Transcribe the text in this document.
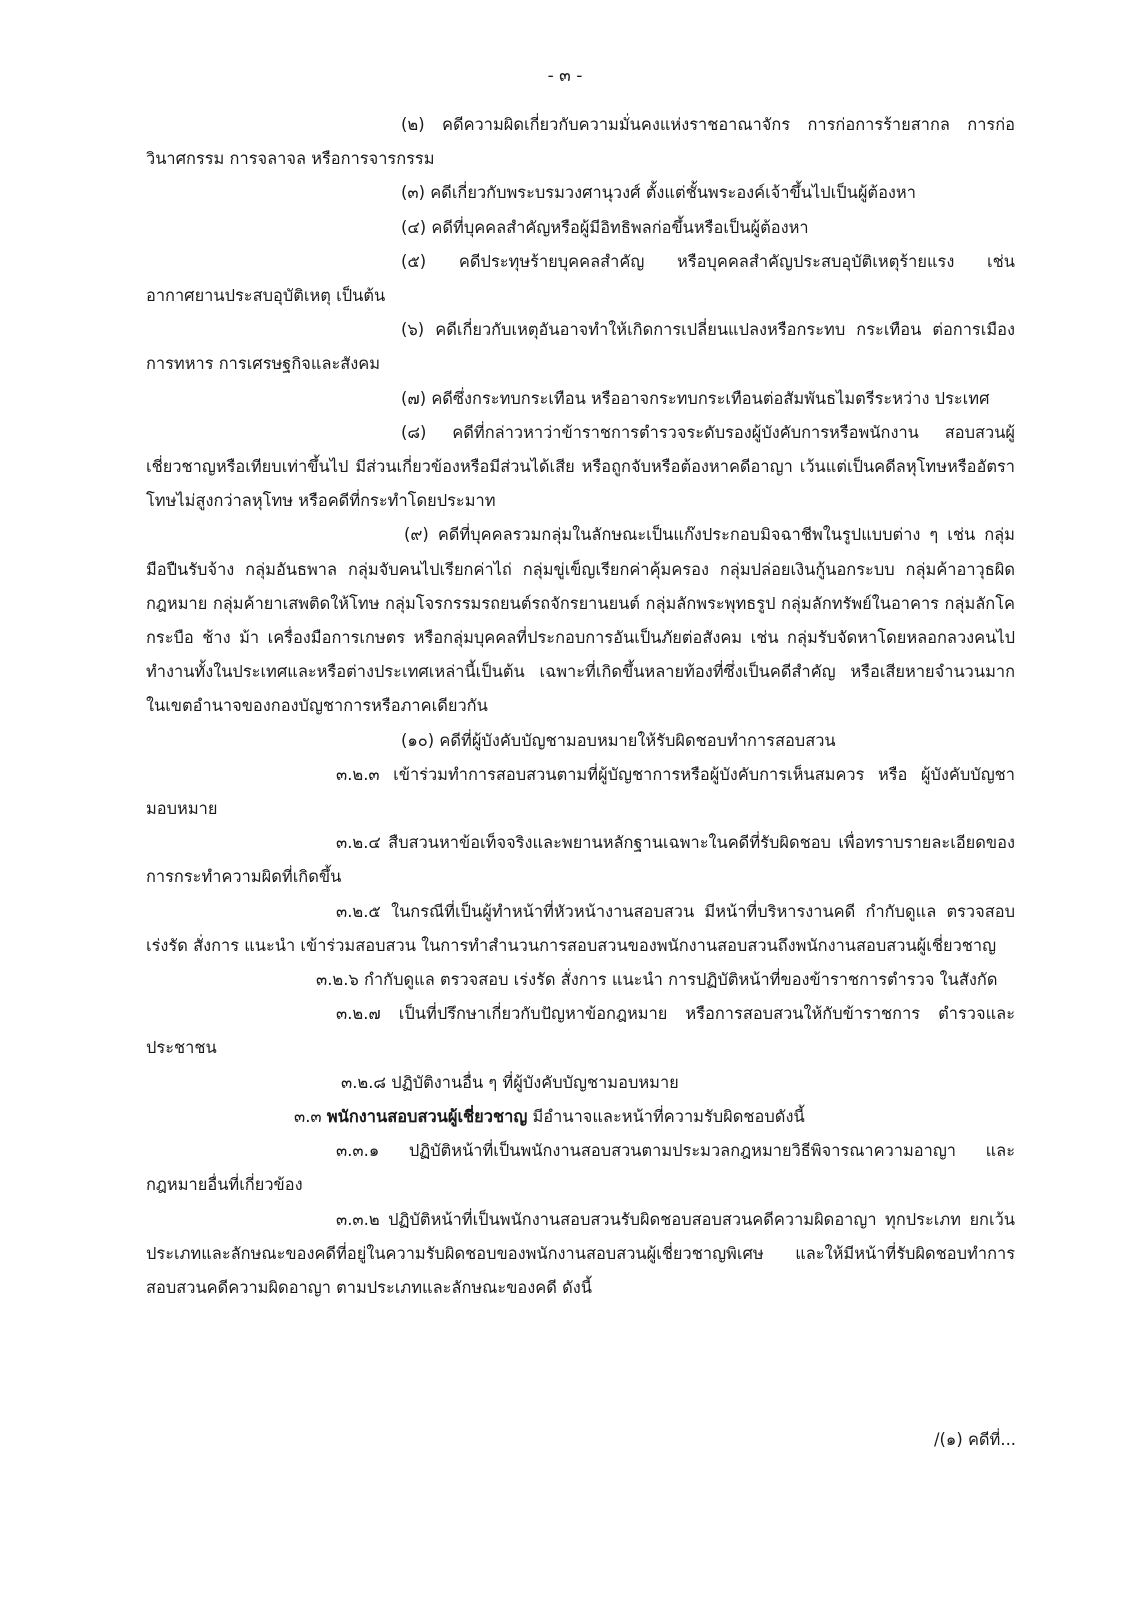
- ๓ -

(๒) คดีความผิดเกี่ยวกับความมั่นคงแห่งราชอาณาจักร การก่อการร้ายสากล การก่อวินาศกรรม การจลาจล หรือการจารกรรม

(๓) คดีเกี่ยวกับพระบรมวงศานุวงศ์ ตั้งแต่ชั้นพระองค์เจ้าขึ้นไปเป็นผู้ต้องหา

(๔) คดีที่บุคคลสำคัญหรือผู้มีอิทธิพลก่อขึ้นหรือเป็นผู้ต้องหา

(๕) คดีประทุษร้ายบุคคลสำคัญ หรือบุคคลสำคัญประสบอุบัติเหตุร้ายแรง เช่น อากาศยานประสบอุบัติเหตุ เป็นต้น

(๖) คดีเกี่ยวกับเหตุอันอาจทำให้เกิดการเปลี่ยนแปลงหรือกระทบ กระเทือน ต่อการเมือง การทหาร การเศรษฐกิจและสังคม

(๗) คดีซึ่งกระทบกระเทือน หรืออาจกระทบกระเทือนต่อสัมพันธไมตรีระหว่าง ประเทศ

(๘) คดีที่กล่าวหาว่าข้าราชการตำรวจระดับรองผู้บังคับการหรือพนักงาน สอบสวนผู้เชี่ยวชาญหรือเทียบเท่าขึ้นไป มีส่วนเกี่ยวข้องหรือมีส่วนได้เสีย หรือถูกจับหรือต้องหาคดีอาญา เว้นแต่เป็นคดีลหุโทษหรืออัตราโทษไม่สูงกว่าลหุโทษ หรือคดีที่กระทำโดยประมาท

(๙) คดีที่บุคคลรวมกลุ่มในลักษณะเป็นแก๊งประกอบมิจฉาชีพในรูปแบบต่าง ๆ เช่น กลุ่มมือปืนรับจ้าง กลุ่มอันธพาล กลุ่มจับคนไปเรียกค่าไถ่ กลุ่มขู่เข็ญเรียกค่าคุ้มครอง กลุ่มปล่อยเงินกู้นอกระบบ กลุ่มค้าอาวุธผิดกฎหมาย กลุ่มค้ายาเสพติดให้โทษ กลุ่มโจรกรรมรถยนต์รถจักรยานยนต์ กลุ่มลักพระพุทธรูป กลุ่มลักทรัพย์ในอาคาร กลุ่มลักโค กระบือ ช้าง ม้า เครื่องมือการเกษตร หรือกลุ่มบุคคลที่ประกอบการอันเป็นภัยต่อสังคม เช่น กลุ่มรับจัดหาโดยหลอกลวงคนไปทำงานทั้งในประเทศและหรือต่างประเทศเหล่านี้เป็นต้น เฉพาะที่เกิดขึ้นหลายท้องที่ซึ่งเป็นคดีสำคัญ หรือเสียหายจำนวนมากในเขตอำนาจของกองบัญชาการหรือภาคเดียวกัน

(๑๐) คดีที่ผู้บังคับบัญชามอบหมายให้รับผิดชอบทำการสอบสวน

๓.๒.๓ เข้าร่วมทำการสอบสวนตามที่ผู้บัญชาการหรือผู้บังคับการเห็นสมควร หรือ ผู้บังคับบัญชามอบหมาย

๓.๒.๔ สืบสวนหาข้อเท็จจริงและพยานหลักฐานเฉพาะในคดีที่รับผิดชอบ เพื่อทราบรายละเอียดของการกระทำความผิดที่เกิดขึ้น

๓.๒.๕ ในกรณีที่เป็นผู้ทำหน้าที่หัวหน้างานสอบสวน มีหน้าที่บริหารงานคดี กำกับดูแล ตรวจสอบ เร่งรัด สั่งการ แนะนำ เข้าร่วมสอบสวน ในการทำสำนวนการสอบสวนของพนักงานสอบสวนถึงพนักงานสอบสวนผู้เชี่ยวชาญ

๓.๒.๖ กำกับดูแล ตรวจสอบ เร่งรัด สั่งการ แนะนำ การปฏิบัติหน้าที่ของข้าราชการตำรวจ ในสังกัด

๓.๒.๗ เป็นที่ปรึกษาเกี่ยวกับปัญหาข้อกฎหมาย หรือการสอบสวนให้กับข้าราชการ ตำรวจและประชาชน

๓.๒.๘ ปฏิบัติงานอื่น ๆ ที่ผู้บังคับบัญชามอบหมาย

๓.๓ พนักงานสอบสวนผู้เชี่ยวชาญ มีอำนาจและหน้าที่ความรับผิดชอบดังนี้

๓.๓.๑ ปฏิบัติหน้าที่เป็นพนักงานสอบสวนตามประมวลกฎหมายวิธีพิจารณาความอาญา และกฎหมายอื่นที่เกี่ยวข้อง

๓.๓.๒ ปฏิบัติหน้าที่เป็นพนักงานสอบสวนรับผิดชอบสอบสวนคดีความผิดอาญา ทุกประเภท ยกเว้นประเภทและลักษณะของคดีที่อยู่ในความรับผิดชอบของพนักงานสอบสวนผู้เชี่ยวชาญพิเศษ และให้มีหน้าที่รับผิดชอบทำการสอบสวนคดีความผิดอาญา ตามประเภทและลักษณะของคดี ดังนี้

/(๑) คดีที่...
